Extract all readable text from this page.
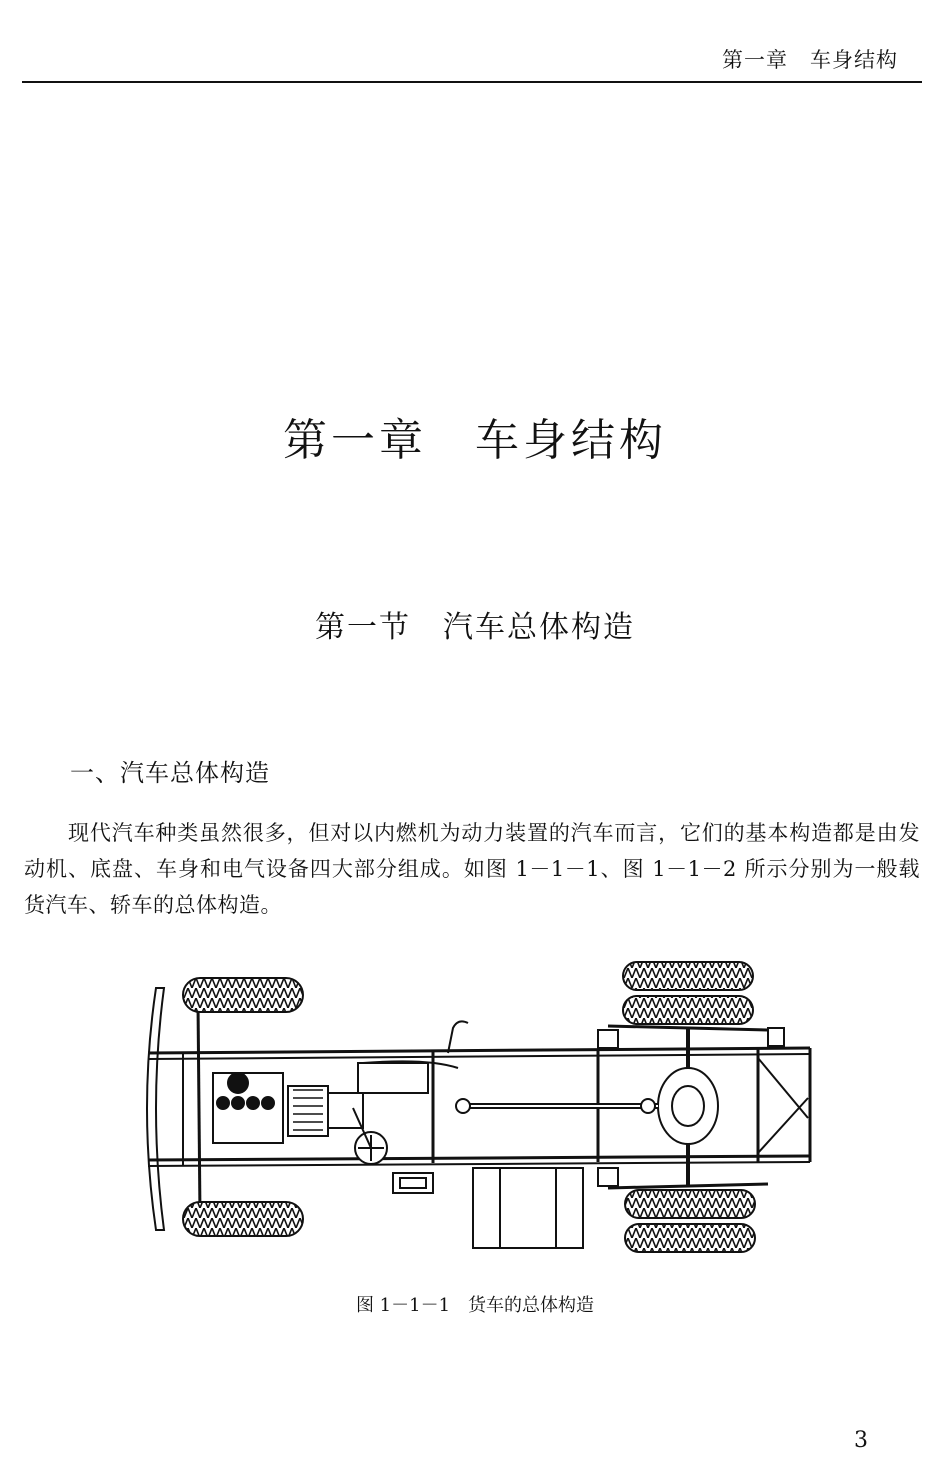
第一章　车身结构
第一章　车身结构
第一节　汽车总体构造
一、汽车总体构造

现代汽车种类虽然很多，但对以内燃机为动力装置的汽车而言，它们的基本构造都是由发动机、底盘、车身和电气设备四大部分组成。如图 1－1－1、图 1－1－2 所示分别为一般载货汽车、轿车的总体构造。

图 1－1－1　货车的总体构造
3
